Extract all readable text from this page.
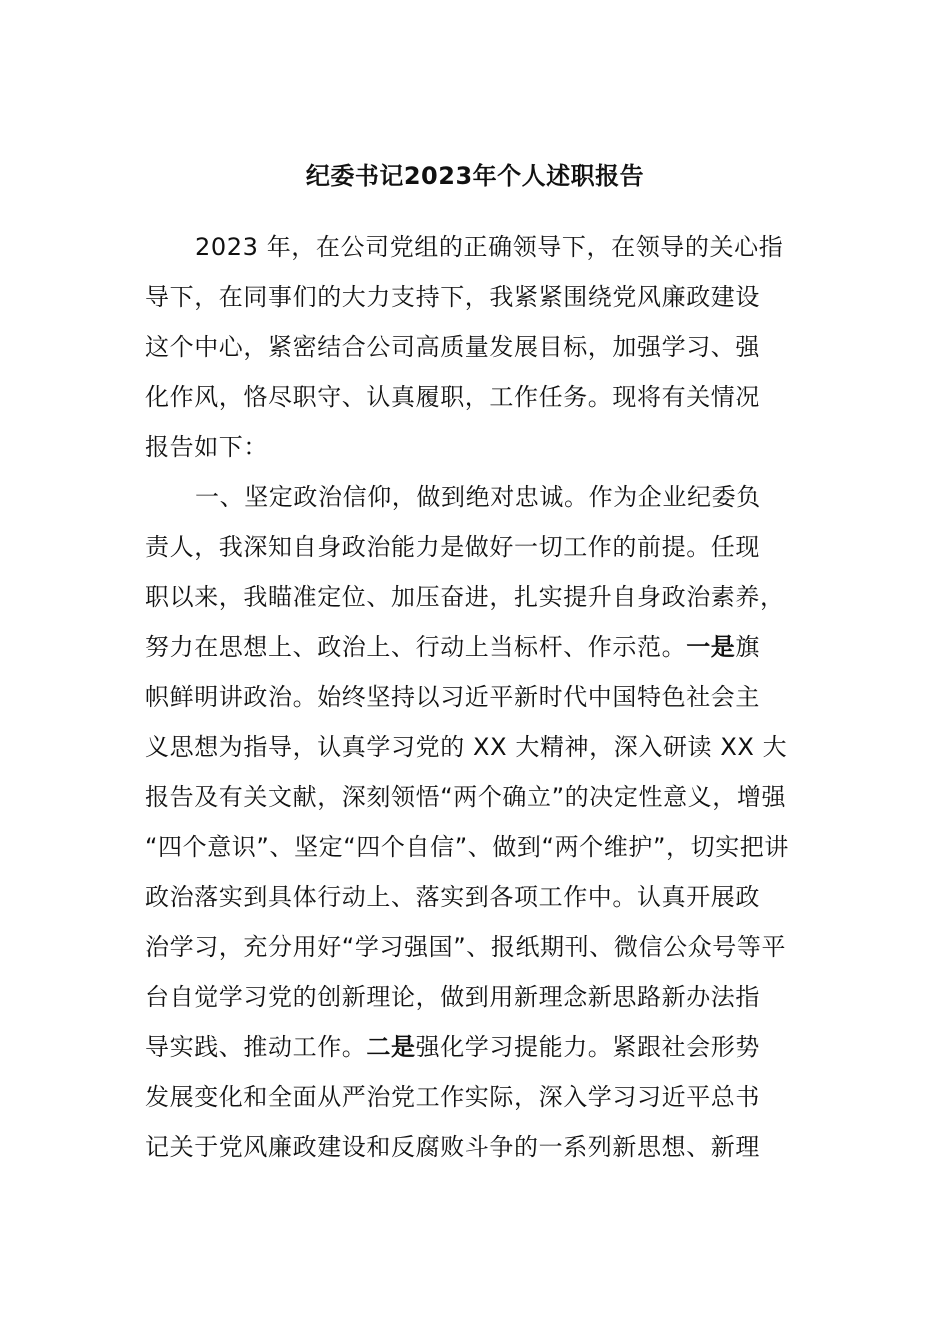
纪委书记2023年个人述职报告
2023 年，在公司党组的正确领导下，在领导的关心指
导下，在同事们的大力支持下，我紧紧围绕党风廉政建设
这个中心，紧密结合公司高质量发展目标，加强学习、强
化作风，恪尽职守、认真履职，工作任务。现将有关情况
报告如下：
一、坚定政治信仰，做到绝对忠诚。作为企业纪委负
责人，我深知自身政治能力是做好一切工作的前提。任现
职以来，我瞄准定位、加压奋进，扎实提升自身政治素养，
努力在思想上、政治上、行动上当标杆、作示范。一是旗
帜鲜明讲政治。始终坚持以习近平新时代中国特色社会主
义思想为指导，认真学习党的 XX 大精神，深入研读 XX 大
报告及有关文献，深刻领悟“两个确立”的决定性意义，增强
“四个意识”、坚定“四个自信”、做到“两个维护”，切实把讲
政治落实到具体行动上、落实到各项工作中。认真开展政
治学习，充分用好“学习强国”、报纸期刊、微信公众号等平
台自觉学习党的创新理论，做到用新理念新思路新办法指
导实践、推动工作。二是强化学习提能力。紧跟社会形势
发展变化和全面从严治党工作实际，深入学习习近平总书
记关于党风廉政建设和反腐败斗争的一系列新思想、新理
